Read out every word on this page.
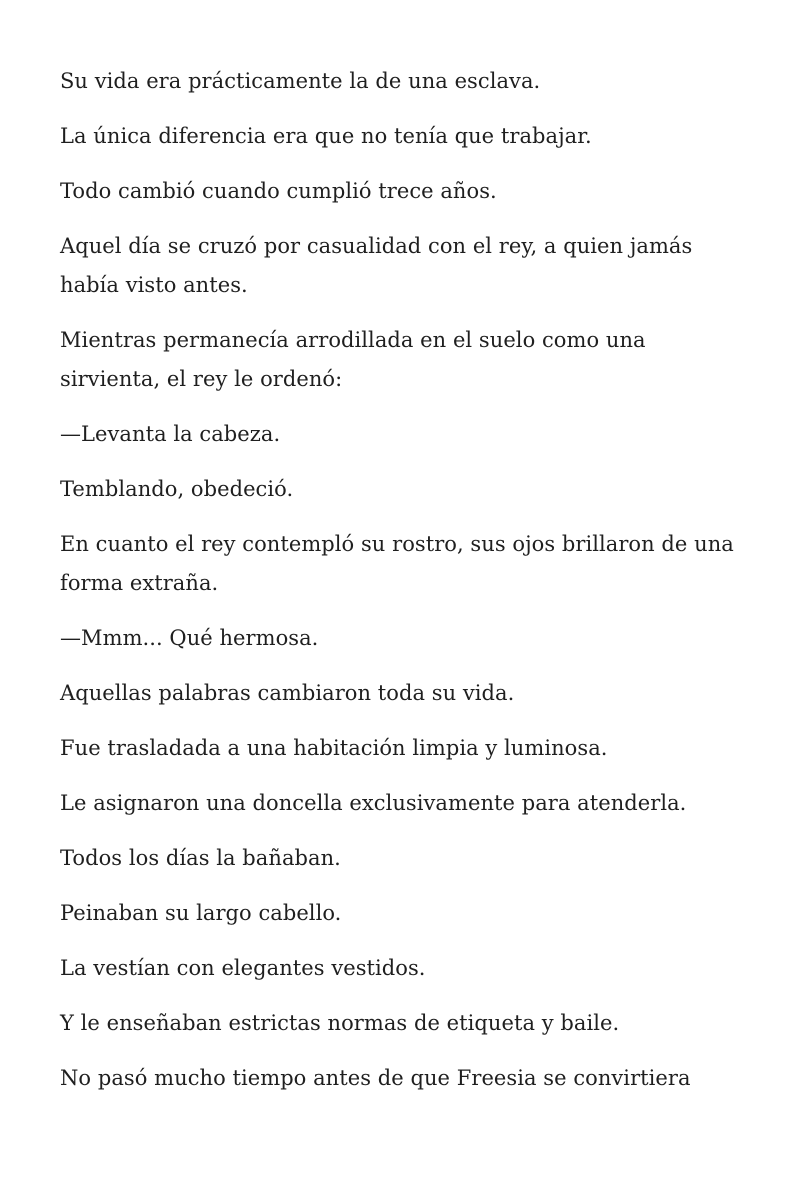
Su vida era prácticamente la de una esclava.

La única diferencia era que no tenía que trabajar.

Todo cambió cuando cumplió trece años.

Aquel día se cruzó por casualidad con el rey, a quien jamás había visto antes.

Mientras permanecía arrodillada en el suelo como una sirvienta, el rey le ordenó:

—Levanta la cabeza.

Temblando, obedeció.

En cuanto el rey contempló su rostro, sus ojos brillaron de una forma extraña.

—Mmm... Qué hermosa.

Aquellas palabras cambiaron toda su vida.

Fue trasladada a una habitación limpia y luminosa.

Le asignaron una doncella exclusivamente para atenderla.

Todos los días la bañaban.

Peinaban su largo cabello.

La vestían con elegantes vestidos.

Y le enseñaban estrictas normas de etiqueta y baile.

No pasó mucho tiempo antes de que Freesia se convirtiera
